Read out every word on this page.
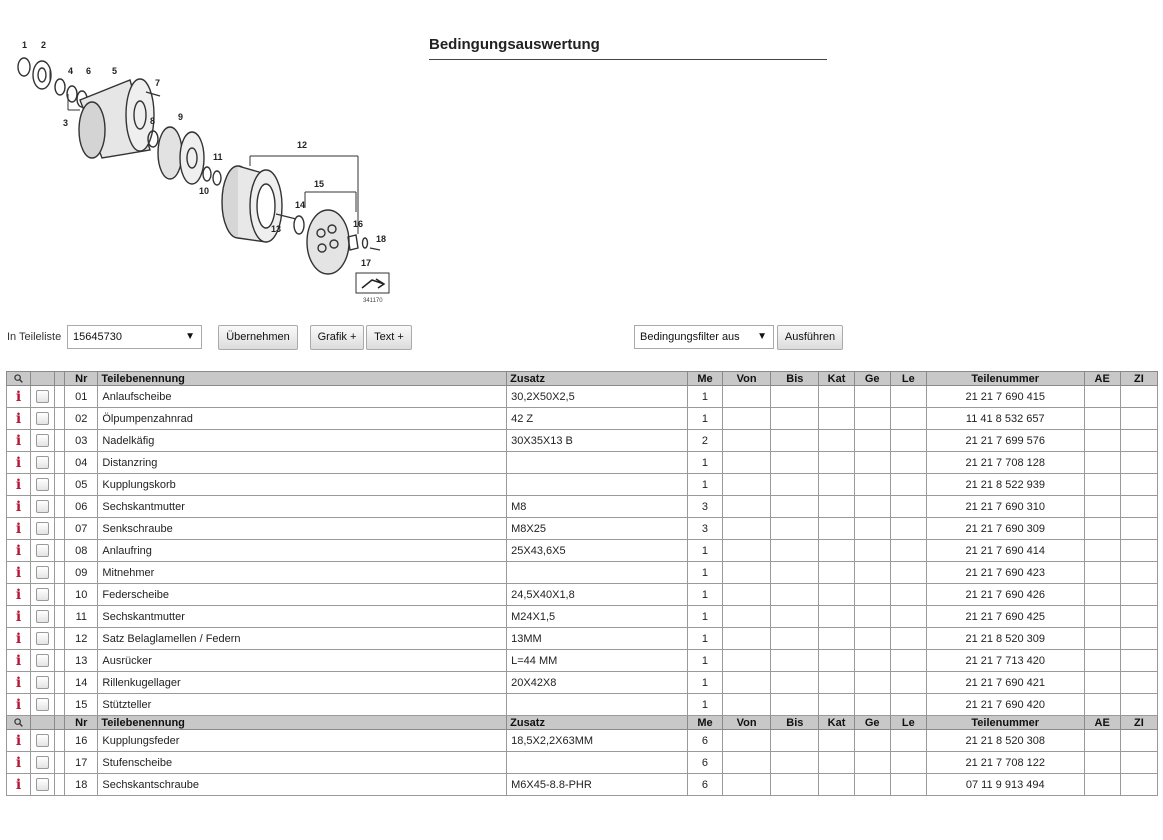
1 2
3
4	5
6
7
8	9
10
11
12
13
14
15
16
17
18
341170
Bedingungsauswertung
In Teileliste	15645730	▼	Übernehmen	Grafik +	Text +	Bedingungsfilter aus ▼	Ausführen
			Nr	Teilebenennung	Zusatz	Me	Von	Bis	Kat	Ge	Le	Teilenummer	AE	ZI
i			01	Anlaufscheibe	30,2X50X2,5	1						21 21 7 690 415		
i			02	Ölpumpenzahnrad	42 Z	1						11 41 8 532 657		
i			03	Nadelkäfig	30X35X13 B	2						21 21 7 699 576		
i			04	Distanzring		1						21 21 7 708 128		
i			05	Kupplungskorb		1						21 21 8 522 939		
i			06	Sechskantmutter	M8	3						21 21 7 690 310		
i			07	Senkschraube	M8X25	3						21 21 7 690 309		
i			08	Anlaufring	25X43,6X5	1						21 21 7 690 414		
i			09	Mitnehmer		1						21 21 7 690 423		
i			10	Federscheibe	24,5X40X1,8	1						21 21 7 690 426		
i			11	Sechskantmutter	M24X1,5	1						21 21 7 690 425		
i			12	Satz Belaglamellen / Federn	13MM	1						21 21 8 520 309		
i			13	Ausrücker	L=44 MM	1						21 21 7 713 420		
i			14	Rillenkugellager	20X42X8	1						21 21 7 690 421		
i			15	Stützteller		1						21 21 7 690 420		
			Nr	Teilebenennung	Zusatz	Me	Von	Bis	Kat	Ge	Le	Teilenummer	AE	ZI
i			16	Kupplungsfeder	18,5X2,2X63MM	6						21 21 8 520 308		
i			17	Stufenscheibe		6						21 21 7 708 122		
i			18	Sechskantschraube	M6X45-8.8-PHR	6						07 11 9 913 494		
